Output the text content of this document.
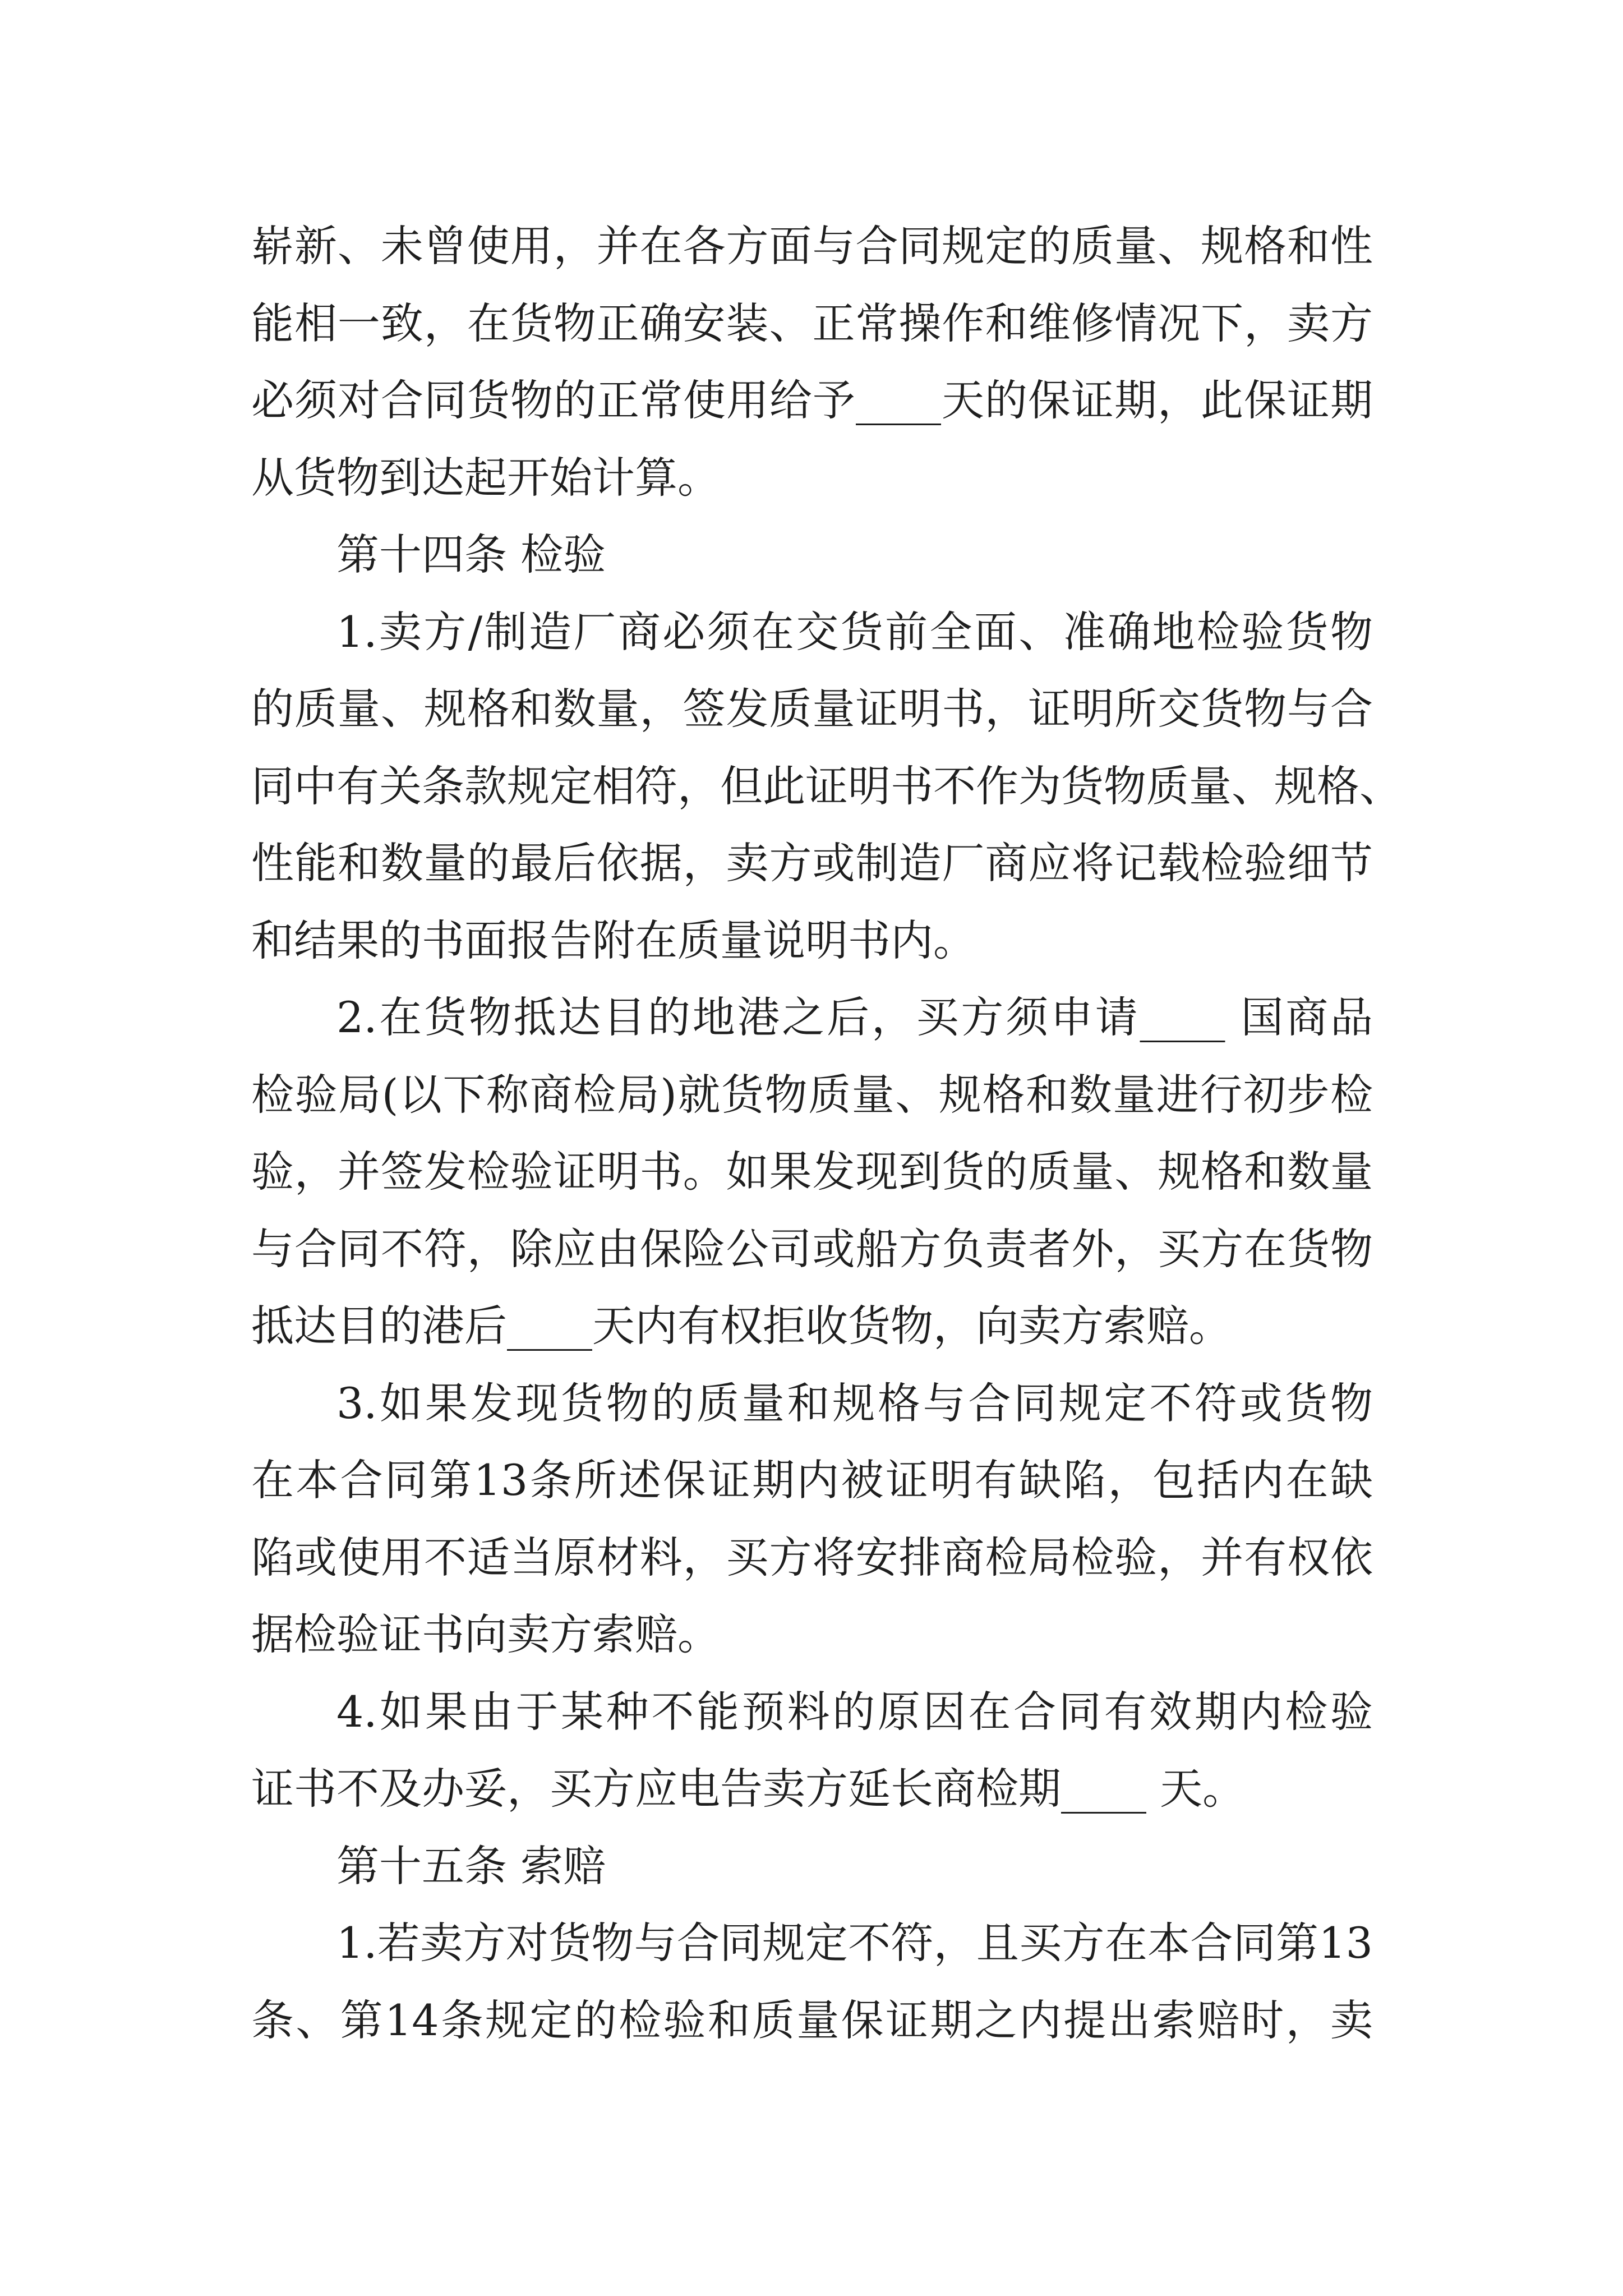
崭新、未曾使用，并在各方面与合同规定的质量、规格和性
能相一致，在货物正确安装、正常操作和维修情况下，卖方
必须对合同货物的正常使用给予____天的保证期，此保证期
从货物到达起开始计算。
第十四条 检验
1.卖方/制造厂商必须在交货前全面、准确地检验货物
的质量、规格和数量，签发质量证明书，证明所交货物与合
同中有关条款规定相符，但此证明书不作为货物质量、规格、
性能和数量的最后依据，卖方或制造厂商应将记载检验细节
和结果的书面报告附在质量说明书内。
2.在货物抵达目的地港之后，买方须申请____ 国商品
检验局(以下称商检局)就货物质量、规格和数量进行初步检
验，并签发检验证明书。如果发现到货的质量、规格和数量
与合同不符，除应由保险公司或船方负责者外，买方在货物
抵达目的港后____天内有权拒收货物，向卖方索赔。
3.如果发现货物的质量和规格与合同规定不符或货物
在本合同第13条所述保证期内被证明有缺陷，包括内在缺
陷或使用不适当原材料，买方将安排商检局检验，并有权依
据检验证书向卖方索赔。
4.如果由于某种不能预料的原因在合同有效期内检验
证书不及办妥，买方应电告卖方延长商检期____ 天。
第十五条 索赔
1.若卖方对货物与合同规定不符，且买方在本合同第13
条、第14条规定的检验和质量保证期之内提出索赔时，卖
